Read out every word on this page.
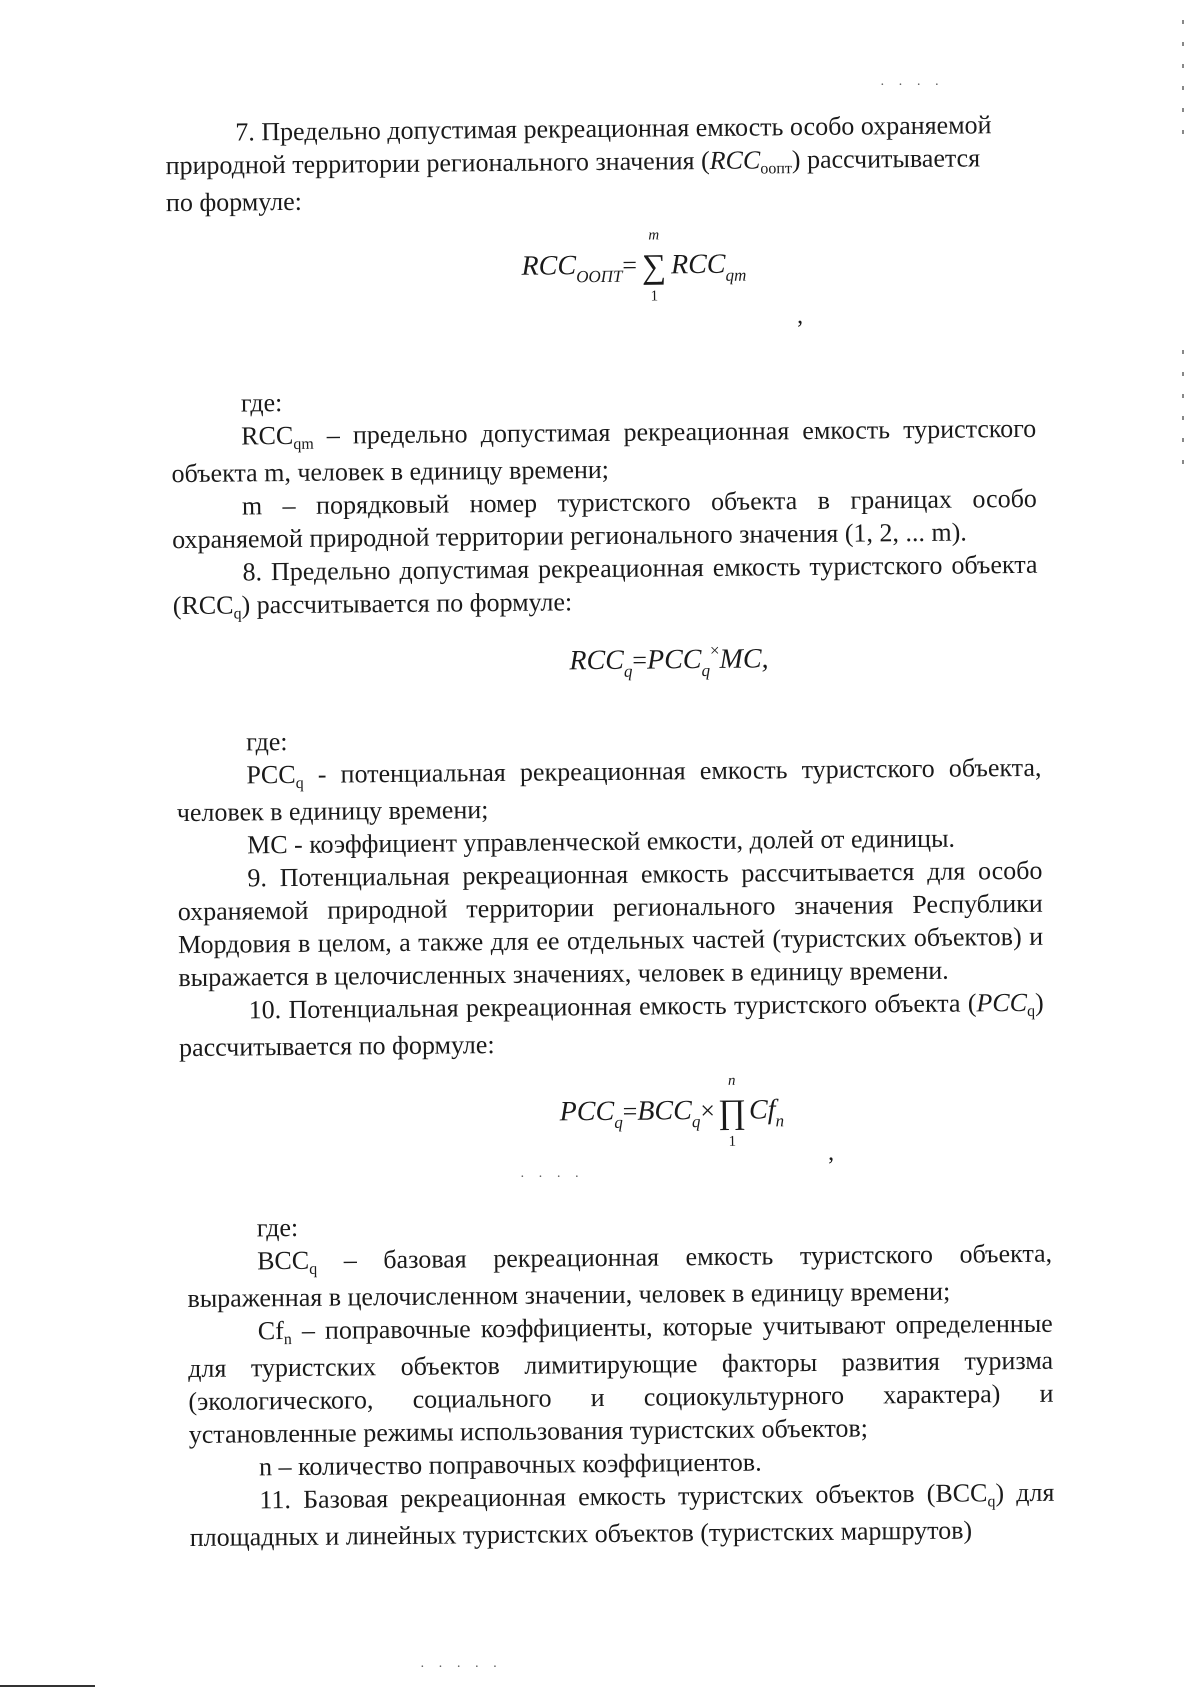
7. Предельно допустимая рекреационная емкость особо охраняемой

природной территории регионального значения (RCCоопт) рассчитывается

по формуле:

$RCC_{ООПТ}=$
m
∑
1
$RCC_{qm}$
,

где:

RCCqm – предельно допустимая рекреационная емкость туристского объекта m, человек в единицу времени;

m – порядковый номер туристского объекта в границах особо охраняемой природной территории регионального значения (1, 2, ... m).

8. Предельно допустимая рекреационная емкость туристского объекта (RCCq) рассчитывается по формуле:

$RCC_q=PCC_q^\times MC$,

где:

PCCq - потенциальная рекреационная емкость туристского объекта, человек в единицу времени;

MC - коэффициент управленческой емкости, долей от единицы.

9. Потенциальная рекреационная емкость рассчитывается для особо охраняемой природной территории регионального значения Республики Мордовия в целом, а также для ее отдельных частей (туристских объектов) и выражается в целочисленных значениях, человек в единицу времени.

10. Потенциальная рекреационная емкость туристского объекта (PCCq) рассчитывается по формуле:

$PCC_q=BCC_q\times$
n
∏
1
$Cf_n$
,

где:

BCCq – базовая рекреационная емкость туристского объекта, выраженная в целочисленном значении, человек в единицу времени;

Cfn – поправочные коэффициенты, которые учитывают определенные для туристских объектов лимитирующие факторы развития туризма (экологического, социального и социокультурного характера) и установленные режимы использования туристских объектов;

n – количество поправочных коэффициентов.

11. Базовая рекреационная емкость туристских объектов (BCCq) для площадных и линейных туристских объектов (туристских маршрутов)

· · · ·
· · · ·
· · · · ·
